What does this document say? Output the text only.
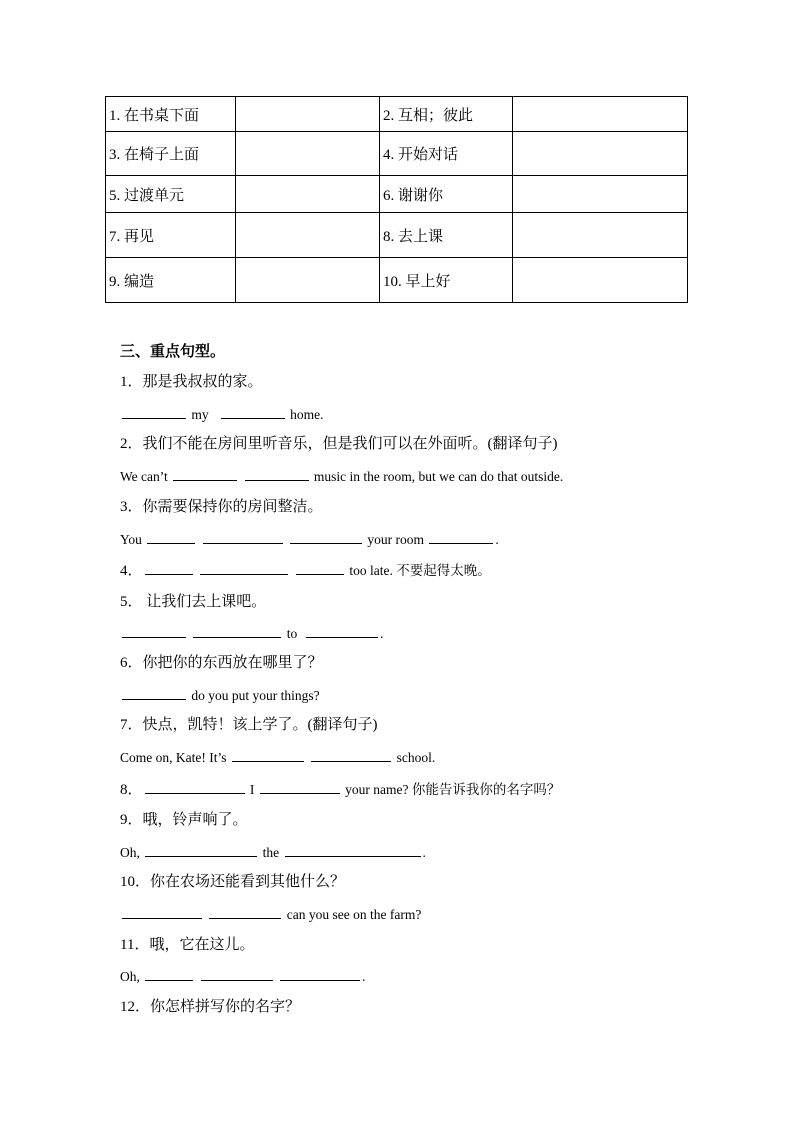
1. 在书桌下面		2. 互相；彼此	
3. 在椅子上面		4. 开始对话	
5. 过渡单元		6. 谢谢你	
7. 再见		8. 去上课	
9. 编造		10. 早上好	
三、重点句型。
1．那是我叔叔的家。
my	home.
2．我们不能在房间里听音乐，但是我们可以在外面听。(翻译句子)
We can’t	music in the room, but we can do that outside.
3．你需要保持你的房间整洁。
You	your room	.
4．	too late. 不要起得太晚。
5． 让我们去上课吧。
to	.
6．你把你的东西放在哪里了？
do you put your things?
7．快点，凯特！该上学了。(翻译句子)
Come on, Kate! It’s	school.
8．	I	your name? 你能告诉我你的名字吗？
9．哦，铃声响了。
Oh,	the	.
10．你在农场还能看到其他什么？
can you see on the farm?
11．哦，它在这儿。
Oh,	.
12．你怎样拼写你的名字？
